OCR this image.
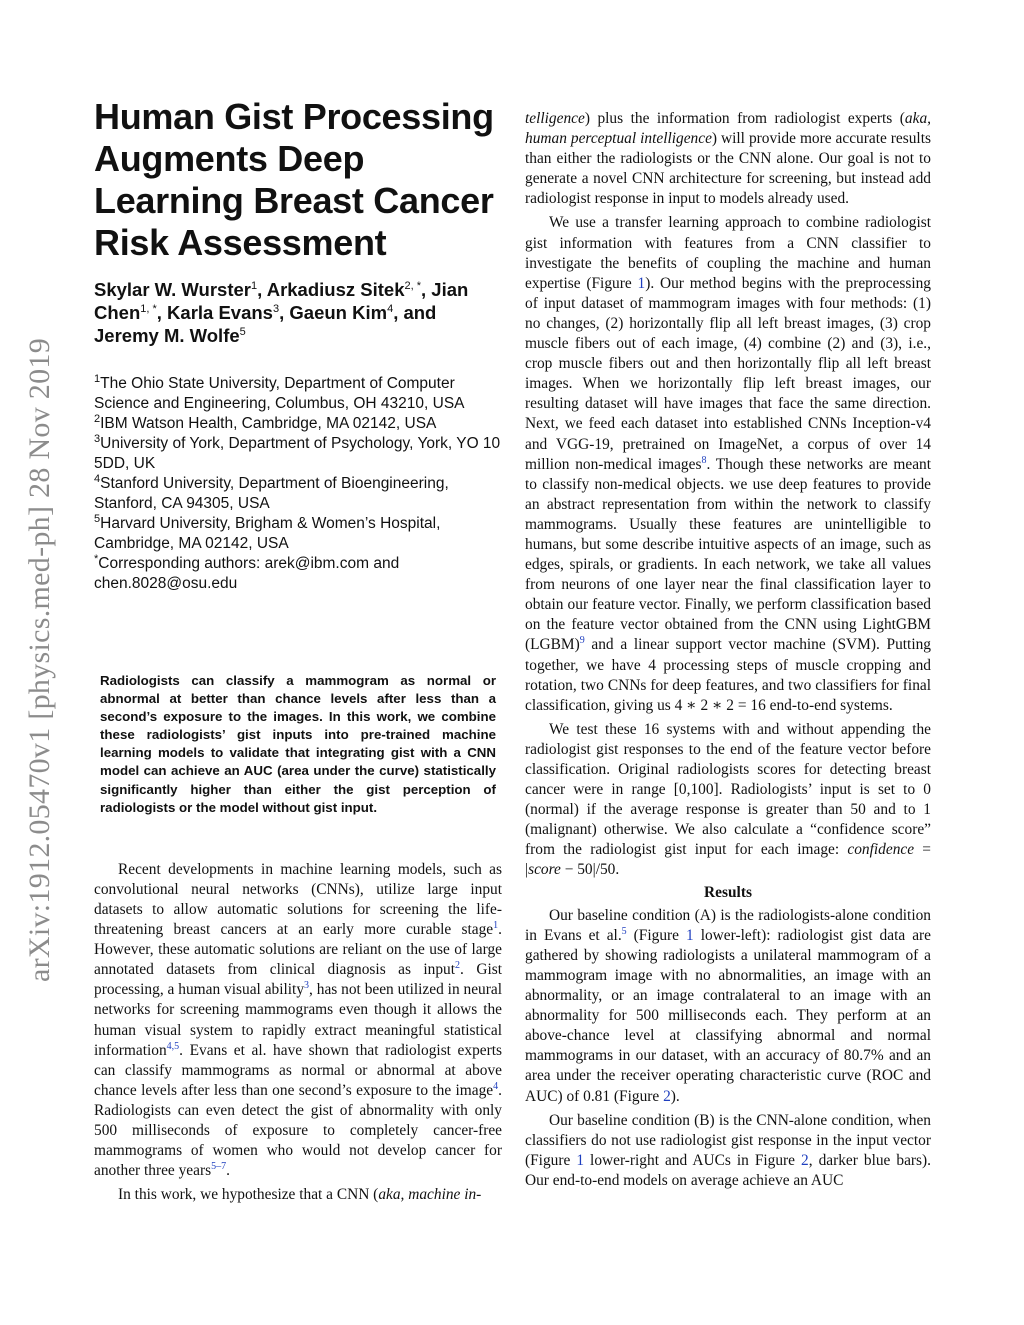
arXiv:1912.05470v1 [physics.med-ph] 28 Nov 2019
Human Gist Processing Augments Deep Learning Breast Cancer Risk Assessment
Skylar W. Wurster$^1$, Arkadiusz Sitek$^{2, *}$, Jian Chen$^{1, *}$, Karla Evans$^3$, Gaeun Kim$^4$, and Jeremy M. Wolfe$^5$
$^1$The Ohio State University, Department of Computer Science and Engineering, Columbus, OH 43210, USA
$^2$IBM Watson Health, Cambridge, MA 02142, USA
$^3$University of York, Department of Psychology, York, YO 10 5DD, UK
$^4$Stanford University, Department of Bioengineering, Stanford, CA 94305, USA
$^5$Harvard University, Brigham & Women’s Hospital, Cambridge, MA 02142, USA
*Corresponding authors: arek@ibm.com and chen.8028@osu.edu
Radiologists can classify a mammogram as normal or abnormal at better than chance levels after less than a second’s exposure to the images. In this work, we combine these radiologists’ gist inputs into pre-trained machine learning models to validate that integrating gist with a CNN model can achieve an AUC (area under the curve) statistically significantly higher than either the gist perception of radiologists or the model without gist input.

Recent developments in machine learning models, such as convolutional neural networks (CNNs), utilize large input datasets to allow automatic solutions for screening the life-threatening breast cancers at an early more curable stage$^1$. However, these automatic solutions are reliant on the use of large annotated datasets from clinical diagnosis as input$^2$. Gist processing, a human visual ability$^3$, has not been utilized in neural networks for screening mammograms even though it allows the human visual system to rapidly extract meaningful statistical information$^{4,5}$. Evans et al. have shown that radiologist experts can classify mammograms as normal or abnormal at above chance levels after less than one second’s exposure to the image$^4$. Radiologists can even detect the gist of abnormality with only 500 milliseconds of exposure to completely cancer-free mammograms of women who would not develop cancer for another three years$^{5-7}$.

In this work, we hypothesize that a CNN (aka, machine in-

telligence) plus the information from radiologist experts (aka, human perceptual intelligence) will provide more accurate results than either the radiologists or the CNN alone. Our goal is not to generate a novel CNN architecture for screening, but instead add radiologist response in input to models already used.

We use a transfer learning approach to combine radiologist gist information with features from a CNN classifier to investigate the benefits of coupling the machine and human expertise (Figure 1). Our method begins with the preprocessing of input dataset of mammogram images with four methods: (1) no changes, (2) horizontally flip all left breast images, (3) crop muscle fibers out of each image, (4) combine (2) and (3), i.e., crop muscle fibers out and then horizontally flip all left breast images. When we horizontally flip left breast images, our resulting dataset will have images that face the same direction. Next, we feed each dataset into established CNNs Inception-v4 and VGG-19, pretrained on ImageNet, a corpus of over 14 million non-medical images$^8$. Though these networks are meant to classify non-medical objects. we use deep features to provide an abstract representation from within the network to classify mammograms. Usually these features are unintelligible to humans, but some describe intuitive aspects of an image, such as edges, spirals, or gradients. In each network, we take all values from neurons of one layer near the final classification layer to obtain our feature vector. Finally, we perform classification based on the feature vector obtained from the CNN using LightGBM (LGBM)$^9$ and a linear support vector machine (SVM). Putting together, we have 4 processing steps of muscle cropping and rotation, two CNNs for deep features, and two classifiers for final classification, giving us 4 ∗ 2 ∗ 2 = 16 end-to-end systems.

We test these 16 systems with and without appending the radiologist gist responses to the end of the feature vector before classification. Original radiologists scores for detecting breast cancer were in range [0,100]. Radiologists’ input is set to 0 (normal) if the average response is greater than 50 and to 1 (malignant) otherwise. We also calculate a “confidence score” from the radiologist gist input for each image: confidence = |score − 50|/50.

Results

Our baseline condition (A) is the radiologists-alone condition in Evans et al.$^5$ (Figure 1 lower-left): radiologist gist data are gathered by showing radiologists a unilateral mammogram of a mammogram image with no abnormalities, an image with an abnormality, or an image contralateral to an image with an abnormality for 500 milliseconds each. They perform at an above-chance level at classifying abnormal and normal mammograms in our dataset, with an accuracy of 80.7% and an area under the receiver operating characteristic curve (ROC and AUC) of 0.81 (Figure 2).

Our baseline condition (B) is the CNN-alone condition, when classifiers do not use radiologist gist response in the input vector (Figure 1 lower-right and AUCs in Figure 2, darker blue bars). Our end-to-end models on average achieve an AUC
